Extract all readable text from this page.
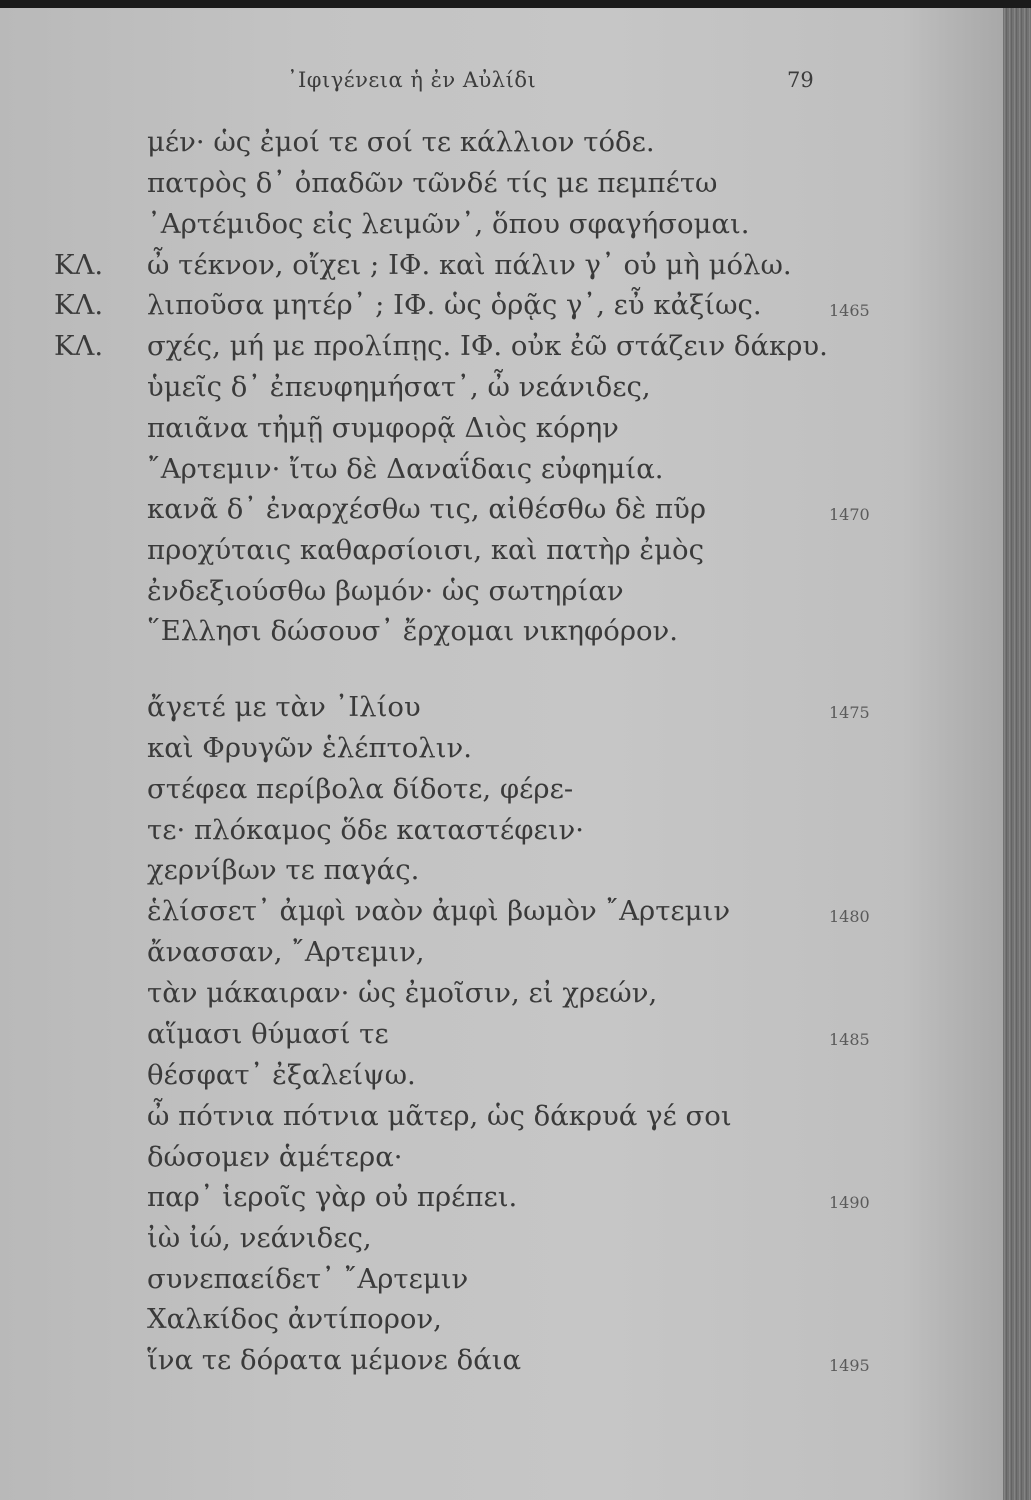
᾿Ιφιγένεια ἡ ἐν Αὐλίδι	79
μέν· ὡς ἐμοί τε σοί τε κάλλιον τόδε.
πατρὸς δ᾿ ὀπαδῶν τῶνδέ τίς με πεμπέτω
᾿Αρτέμιδος εἰς λειμῶν᾿, ὅπου σφαγήσομαι.
ΚΛ. ὦ τέκνον, οἴχει ; ΙΦ. καὶ πάλιν γ᾿ οὐ μὴ μόλω.
ΚΛ. λιποῦσα μητέρ᾿ ; ΙΦ. ὡς ὁρᾷς γ᾿, εὖ κἀξίως.	1465
ΚΛ. σχές, μή με προλίπῃς. ΙΦ. οὐκ ἐῶ στάζειν δάκρυ.
ὑμεῖς δ᾿ ἐπευφημήσατ᾿, ὦ νεάνιδες,
παιᾶνα τἠμῇ συμφορᾷ Διὸς κόρην
῎Αρτεμιν· ἴτω δὲ Δαναΐδαις εὐφημία.
κανᾶ δ᾿ ἐναρχέσθω τις, αἰθέσθω δὲ πῦρ	1470
προχύταις καθαρσίοισι, καὶ πατὴρ ἐμὸς
ἐνδεξιούσθω βωμόν· ὡς σωτηρίαν
῞Ελλησι δώσουσ᾿ ἔρχομαι νικηφόρον.
ἄγετέ με τὰν ᾿Ιλίου	1475
καὶ Φρυγῶν ἑλέπτολιν.
στέφεα περίβολα δίδοτε, φέρε-
τε· πλόκαμος ὅδε καταστέφειν·
χερνίβων τε παγάς.
ἑλίσσετ᾿ ἀμφὶ ναὸν ἀμφὶ βωμὸν ῎Αρτεμιν	1480
ἄνασσαν, ῎Αρτεμιν,
τὰν μάκαιραν· ὡς ἐμοῖσιν, εἰ χρεών,
αἵμασι θύμασί τε	1485
θέσφατ᾿ ἐξαλείψω.
ὦ πότνια πότνια μᾶτερ, ὡς δάκρυά γέ σοι
δώσομεν ἁμέτερα·
παρ᾿ ἱεροῖς γὰρ οὐ πρέπει.	1490
ἰὼ ἰώ, νεάνιδες,
συνεπαείδετ᾿ ῎Αρτεμιν
Χαλκίδος ἀντίπορον,
ἵνα τε δόρατα μέμονε δάια	1495
